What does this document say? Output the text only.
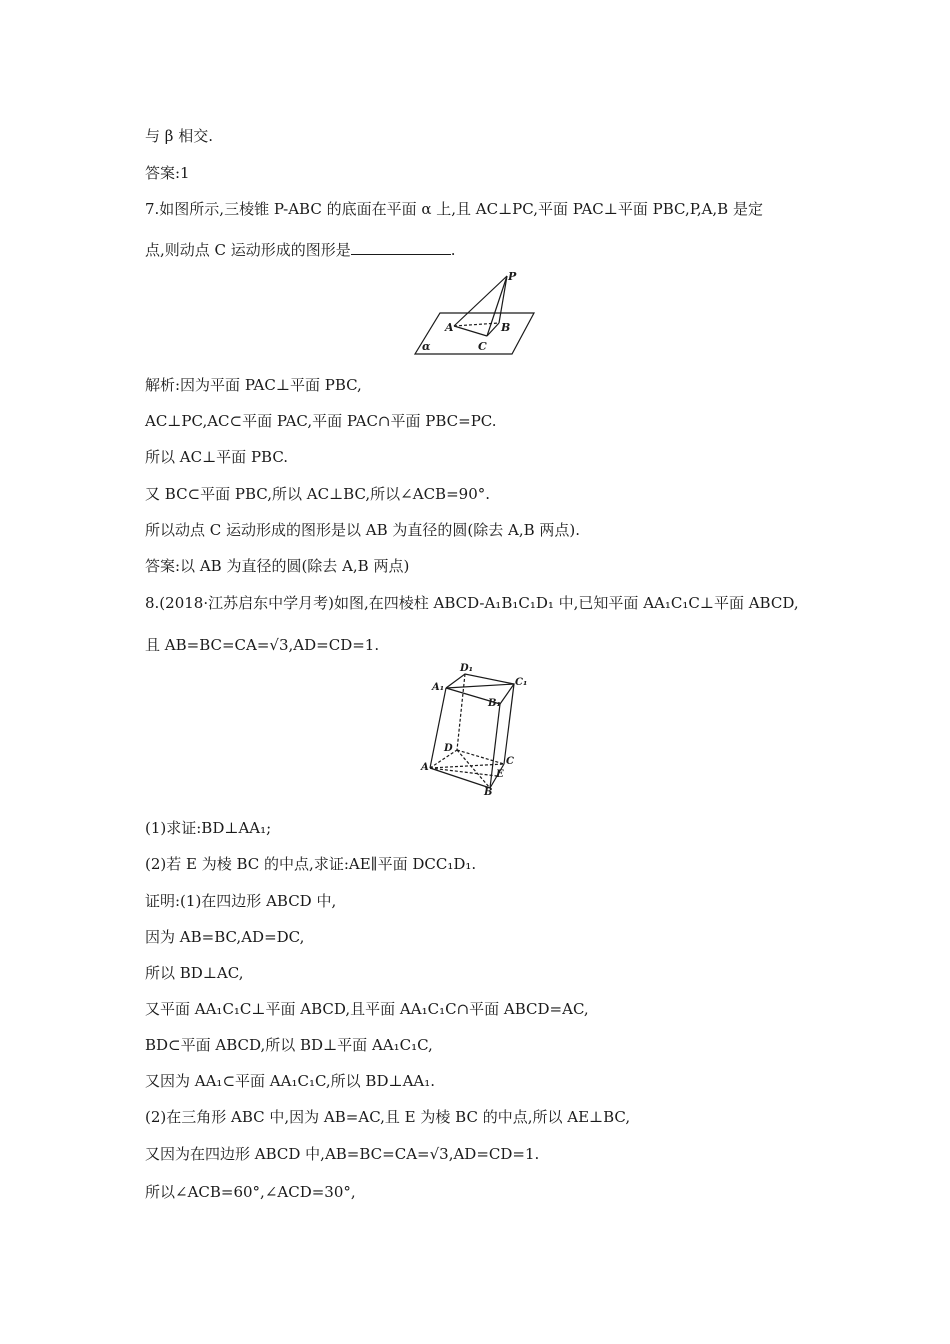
与 β 相交.
答案:1
7.如图所示,三棱锥 P-ABC 的底面在平面 α 上,且 AC⊥PC,平面 PAC⊥平面 PBC,P,A,B 是定
点,则动点 C 运动形成的图形是	.
P
A	B
C
α
解析:因为平面 PAC⊥平面 PBC,
AC⊥PC,AC⊂平面 PAC,平面 PAC∩平面 PBC=PC.
所以 AC⊥平面 PBC.
又 BC⊂平面 PBC,所以 AC⊥BC,所以∠ACB=90°.
所以动点 C 运动形成的图形是以 AB 为直径的圆(除去 A,B 两点).
答案:以 AB 为直径的圆(除去 A,B 两点)
8.(2018·江苏启东中学月考)如图,在四棱柱 ABCD-A₁B₁C₁D₁ 中,已知平面 AA₁C₁C⊥平面 ABCD,
且 AB=BC=CA=√3,AD=CD=1.
A₁
D₁
C₁
B₁
A
D
C
E
B
(1)求证:BD⊥AA₁;
(2)若 E 为棱 BC 的中点,求证:AE∥平面 DCC₁D₁.
证明:(1)在四边形 ABCD 中,
因为 AB=BC,AD=DC,
所以 BD⊥AC,
又平面 AA₁C₁C⊥平面 ABCD,且平面 AA₁C₁C∩平面 ABCD=AC,
BD⊂平面 ABCD,所以 BD⊥平面 AA₁C₁C,
又因为 AA₁⊂平面 AA₁C₁C,所以 BD⊥AA₁.
(2)在三角形 ABC 中,因为 AB=AC,且 E 为棱 BC 的中点,所以 AE⊥BC,
又因为在四边形 ABCD 中,AB=BC=CA=√3,AD=CD=1.
所以∠ACB=60°,∠ACD=30°,
